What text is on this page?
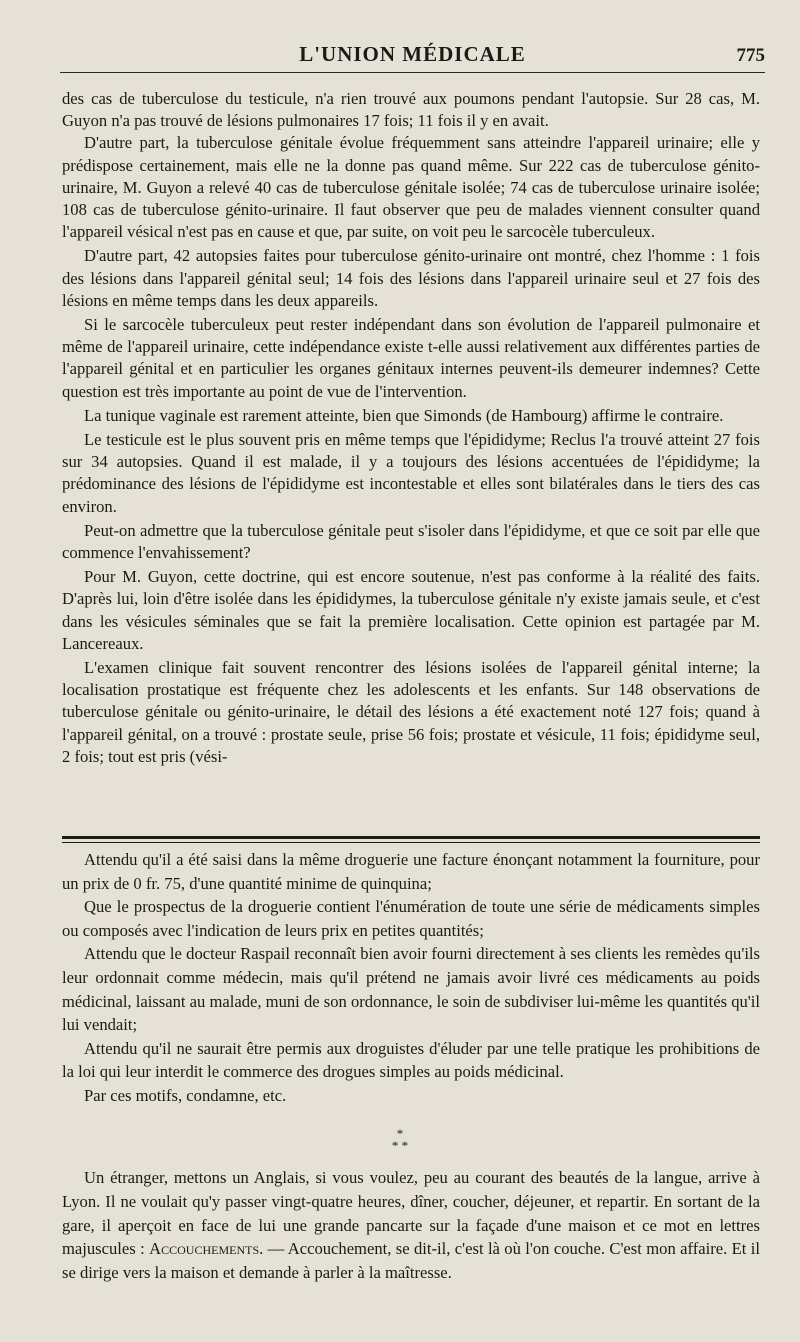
L'UNION MÉDICALE	775

des cas de tuberculose du testicule, n'a rien trouvé aux poumons pendant l'autopsie. Sur 28 cas, M. Guyon n'a pas trouvé de lésions pulmonaires 17 fois; 11 fois il y en avait.

D'autre part, la tuberculose génitale évolue fréquemment sans atteindre l'appareil urinaire; elle y prédispose certainement, mais elle ne la donne pas quand même. Sur 222 cas de tuberculose génito-urinaire, M. Guyon a relevé 40 cas de tuberculose génitale isolée; 74 cas de tuberculose urinaire isolée; 108 cas de tuberculose génito-urinaire. Il faut observer que peu de malades viennent consulter quand l'appareil vésical n'est pas en cause et que, par suite, on voit peu le sarcocèle tuberculeux.

D'autre part, 42 autopsies faites pour tuberculose génito-urinaire ont montré, chez l'homme : 1 fois des lésions dans l'appareil génital seul; 14 fois des lésions dans l'appareil urinaire seul et 27 fois des lésions en même temps dans les deux appareils.

Si le sarcocèle tuberculeux peut rester indépendant dans son évolution de l'appareil pulmonaire et même de l'appareil urinaire, cette indépendance existe t-elle aussi relativement aux différentes parties de l'appareil génital et en particulier les organes génitaux internes peuvent-ils demeurer indemnes? Cette question est très importante au point de vue de l'intervention.

La tunique vaginale est rarement atteinte, bien que Simonds (de Hambourg) affirme le contraire.

Le testicule est le plus souvent pris en même temps que l'épididyme; Reclus l'a trouvé atteint 27 fois sur 34 autopsies. Quand il est malade, il y a toujours des lésions accentuées de l'épididyme; la prédominance des lésions de l'épididyme est incontestable et elles sont bilatérales dans le tiers des cas environ.

Peut-on admettre que la tuberculose génitale peut s'isoler dans l'épididyme, et que ce soit par elle que commence l'envahissement?

Pour M. Guyon, cette doctrine, qui est encore soutenue, n'est pas conforme à la réalité des faits. D'après lui, loin d'être isolée dans les épididymes, la tuberculose génitale n'y existe jamais seule, et c'est dans les vésicules séminales que se fait la première localisation. Cette opinion est partagée par M. Lancereaux.

L'examen clinique fait souvent rencontrer des lésions isolées de l'appareil génital interne; la localisation prostatique est fréquente chez les adolescents et les enfants. Sur 148 observations de tuberculose génitale ou génito-urinaire, le détail des lésions a été exactement noté 127 fois; quand à l'appareil génital, on a trouvé : prostate seule, prise 56 fois; prostate et vésicule, 11 fois; épididyme seul, 2 fois; tout est pris (vési-

Attendu qu'il a été saisi dans la même droguerie une facture énonçant notamment la fourniture, pour un prix de 0 fr. 75, d'une quantité minime de quinquina;

Que le prospectus de la droguerie contient l'énumération de toute une série de médicaments simples ou composés avec l'indication de leurs prix en petites quantités;

Attendu que le docteur Raspail reconnaît bien avoir fourni directement à ses clients les remèdes qu'ils leur ordonnait comme médecin, mais qu'il prétend ne jamais avoir livré ces médicaments au poids médicinal, laissant au malade, muni de son ordonnance, le soin de subdiviser lui-même les quantités qu'il lui vendait;

Attendu qu'il ne saurait être permis aux droguistes d'éluder par une telle pratique les prohibitions de la loi qui leur interdit le commerce des drogues simples au poids médicinal.

Par ces motifs, condamne, etc.

*
* *

Un étranger, mettons un Anglais, si vous voulez, peu au courant des beautés de la langue, arrive à Lyon. Il ne voulait qu'y passer vingt-quatre heures, dîner, coucher, déjeuner, et repartir. En sortant de la gare, il aperçoit en face de lui une grande pancarte sur la façade d'une maison et ce mot en lettres majuscules : Accouchements. — Accouchement, se dit-il, c'est là où l'on couche. C'est mon affaire. Et il se dirige vers la maison et demande à parler à la maîtresse.
